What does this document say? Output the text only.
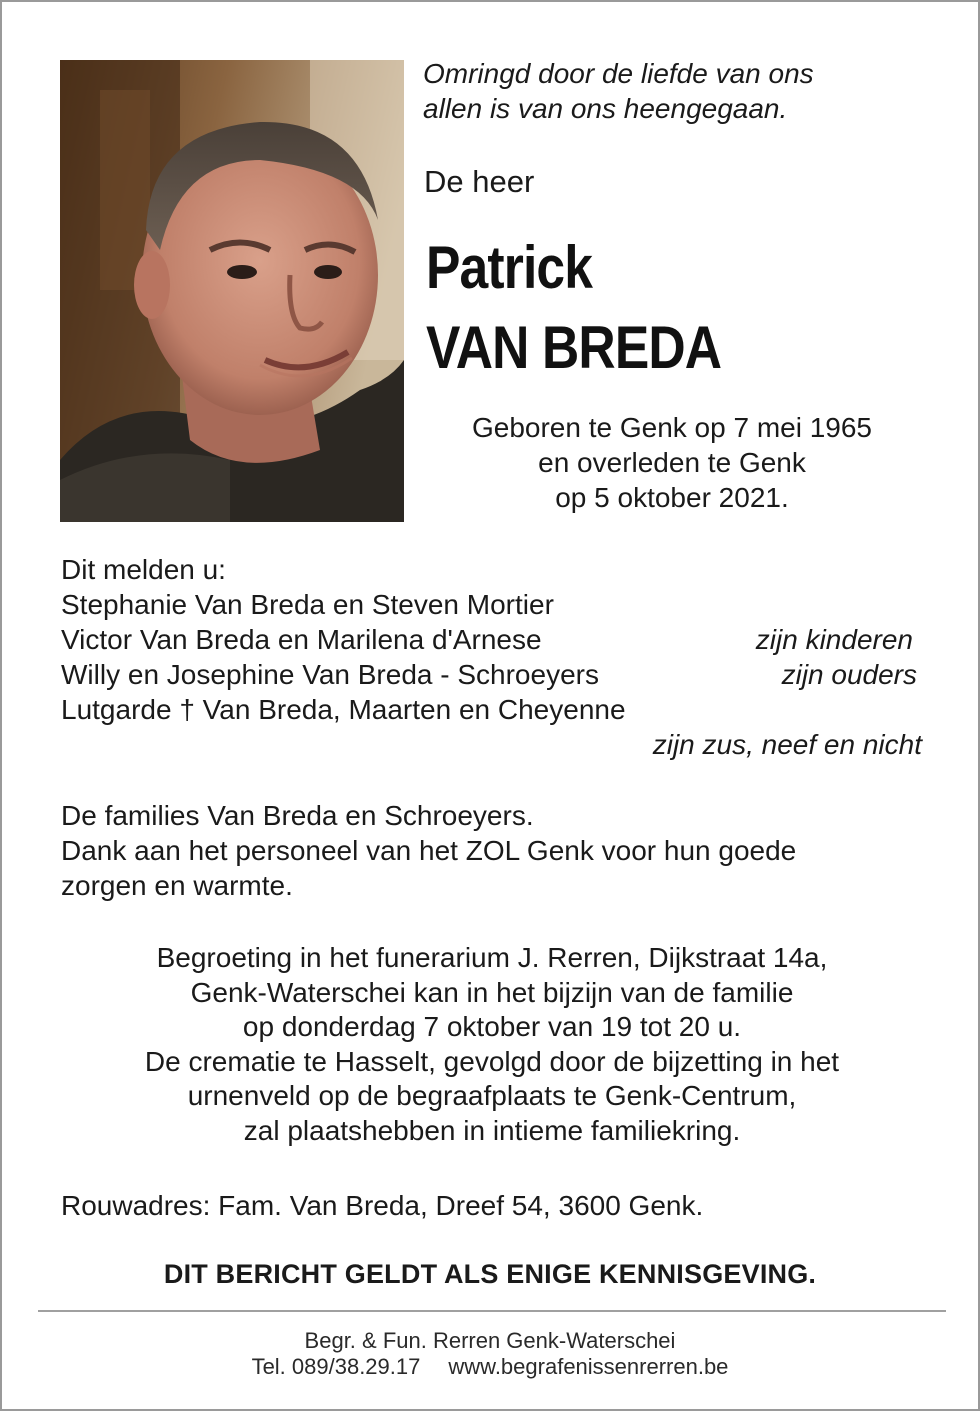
Omringd door de liefde van ons
allen is van ons heengegaan.

De heer

Patrick
VAN BREDA

Geboren te Genk op 7 mei 1965
en overleden te Genk
op 5 oktober 2021.

Dit melden u:
Stephanie Van Breda en Steven Mortier
Victor Van Breda en Marilena d'Arnese	zijn kinderen
Willy en Josephine Van Breda - Schroeyers	zijn ouders
Lutgarde † Van Breda, Maarten en Cheyenne
zijn zus, neef en nicht

De families Van Breda en Schroeyers.
Dank aan het personeel van het ZOL Genk voor hun goede
zorgen en warmte.

Begroeting in het funerarium J. Rerren, Dijkstraat 14a,
Genk-Waterschei kan in het bijzijn van de familie
op donderdag 7 oktober van 19 tot 20 u.
De crematie te Hasselt, gevolgd door de bijzetting in het
urnenveld op de begraafplaats te Genk-Centrum,
zal plaatshebben in intieme familiekring.

Rouwadres: Fam. Van Breda, Dreef 54, 3600 Genk.

DIT BERICHT GELDT ALS ENIGE KENNISGEVING.

Begr. & Fun. Rerren Genk-Waterschei
Tel. 089/38.29.17 www.begrafenissenrerren.be
